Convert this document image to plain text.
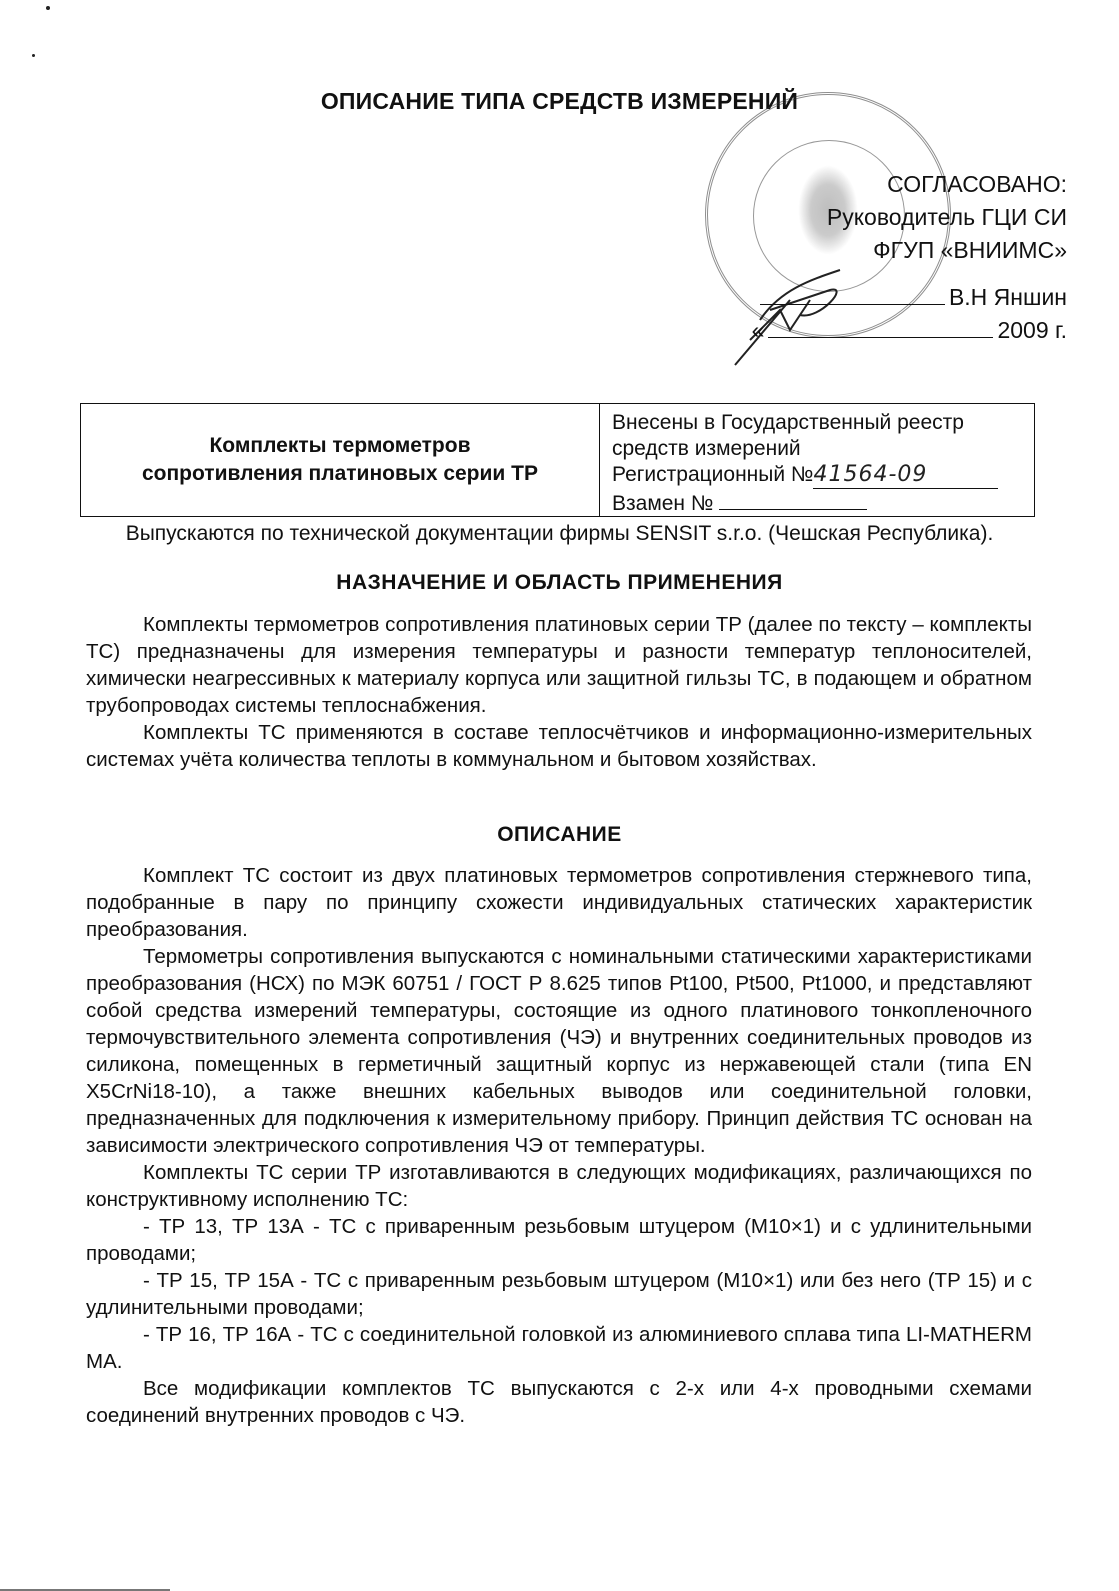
ОПИСАНИЕ ТИПА СРЕДСТВ ИЗМЕРЕНИЙ
СОГЛАСОВАНО:
Руководитель ГЦИ СИ
ФГУП «ВНИИМС»
В.Н Яншин
«	2009 г.
Комплекты термометров
сопротивления платиновых серии ТР
Внесены в Государственный реестр
средств измерений
Регистрационный №41564-09
Взамен №
Выпускаются по технической документации фирмы SENSIT s.r.o. (Чешская Республика).
НАЗНАЧЕНИЕ И ОБЛАСТЬ ПРИМЕНЕНИЯ

Комплекты термометров сопротивления платиновых серии ТР (далее по тексту – комплекты ТС) предназначены для измерения температуры и разности температур теплоносителей, химически неагрессивных к материалу корпуса или защитной гильзы ТС, в подающем и обратном трубопроводах системы теплоснабжения.

Комплекты ТС применяются в составе теплосчётчиков и информационно-измерительных системах учёта количества теплоты в коммунальном и бытовом хозяйствах.

ОПИСАНИЕ

Комплект ТС состоит из двух платиновых термометров сопротивления стержневого типа, подобранные в пару по принципу схожести индивидуальных статических характеристик преобразования.

Термометры сопротивления выпускаются с номинальными статическими характеристиками преобразования (НСХ) по МЭК 60751 / ГОСТ Р 8.625 типов Pt100, Pt500, Pt1000, и представляют собой средства измерений температуры, состоящие из одного платинового тонкопленочного термочувствительного элемента сопротивления (ЧЭ) и внутренних соединительных проводов из силикона, помещенных в герметичный защитный корпус из нержавеющей стали (типа EN X5CrNi18-10), а также внешних кабельных выводов или соединительной головки, предназначенных для подключения к измерительному прибору. Принцип действия ТС основан на зависимости электрического сопротивления ЧЭ от температуры.

Комплекты ТС серии ТР изготавливаются в следующих модификациях, различающихся по конструктивному исполнению ТС:

- ТР 13, ТР 13А - ТС с приваренным резьбовым штуцером (М10×1) и с удлинительными проводами;

- ТР 15, ТР 15А - ТС с приваренным резьбовым штуцером (М10×1) или без него (ТР 15) и с удлинительными проводами;

- ТР 16, ТР 16А - ТС с соединительной головкой из алюминиевого сплава типа LI-MATHERM MA.

Все модификации комплектов ТС выпускаются с 2-х или 4-х проводными схемами соединений внутренних проводов с ЧЭ.
